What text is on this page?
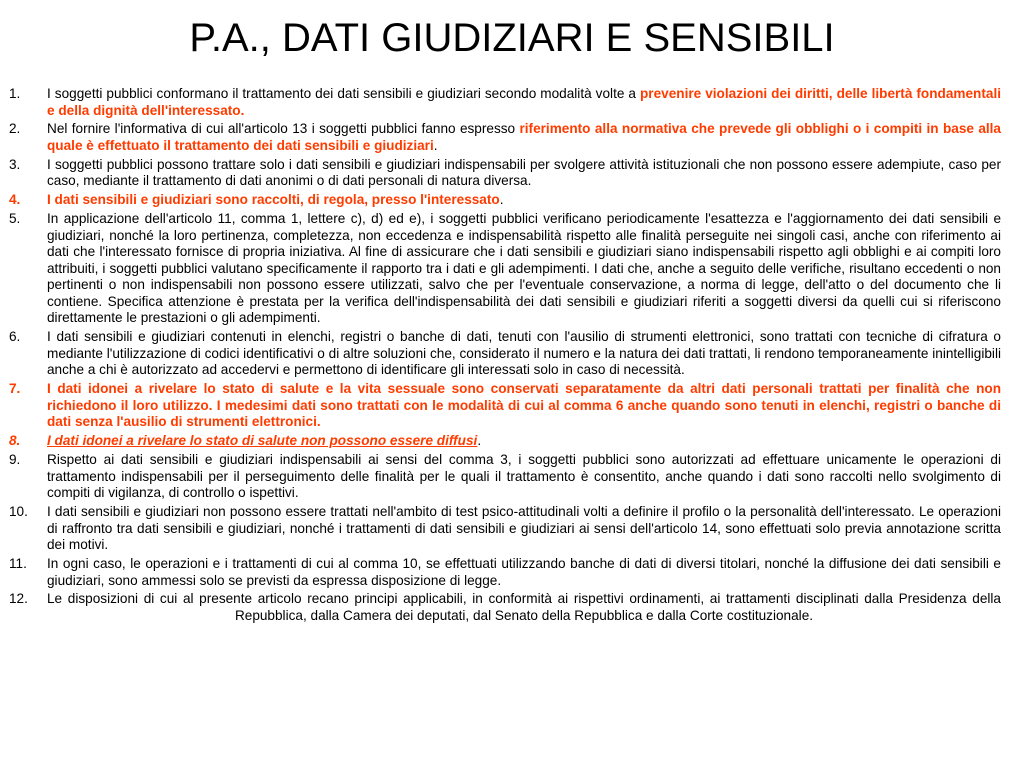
P.A., DATI GIUDIZIARI E SENSIBILI
1.	I soggetti pubblici conformano il trattamento dei dati sensibili e giudiziari secondo modalità volte a prevenire violazioni dei diritti, delle libertà fondamentali e della dignità dell'interessato.
2.	Nel fornire l'informativa di cui all'articolo 13 i soggetti pubblici fanno espresso riferimento alla normativa che prevede gli obblighi o i compiti in base alla quale è effettuato il trattamento dei dati sensibili e giudiziari.
3.	I soggetti pubblici possono trattare solo i dati sensibili e giudiziari indispensabili per svolgere attività istituzionali che non possono essere adempiute, caso per caso, mediante il trattamento di dati anonimi o di dati personali di natura diversa.
4.	I dati sensibili e giudiziari sono raccolti, di regola, presso l'interessato.
5.	In applicazione dell'articolo 11, comma 1, lettere c), d) ed e), i soggetti pubblici verificano periodicamente l'esattezza e l'aggiornamento dei dati sensibili e giudiziari, nonché la loro pertinenza, completezza, non eccedenza e indispensabilità rispetto alle finalità perseguite nei singoli casi, anche con riferimento ai dati che l'interessato fornisce di propria iniziativa. Al fine di assicurare che i dati sensibili e giudiziari siano indispensabili rispetto agli obblighi e ai compiti loro attribuiti, i soggetti pubblici valutano specificamente il rapporto tra i dati e gli adempimenti. I dati che, anche a seguito delle verifiche, risultano eccedenti o non pertinenti o non indispensabili non possono essere utilizzati, salvo che per l'eventuale conservazione, a norma di legge, dell'atto o del documento che li contiene. Specifica attenzione è prestata per la verifica dell'indispensabilità dei dati sensibili e giudiziari riferiti a soggetti diversi da quelli cui si riferiscono direttamente le prestazioni o gli adempimenti.
6.	I dati sensibili e giudiziari contenuti in elenchi, registri o banche di dati, tenuti con l'ausilio di strumenti elettronici, sono trattati con tecniche di cifratura o mediante l'utilizzazione di codici identificativi o di altre soluzioni che, considerato il numero e la natura dei dati trattati, li rendono temporaneamente inintelligibili anche a chi è autorizzato ad accedervi e permettono di identificare gli interessati solo in caso di necessità.
7.	I dati idonei a rivelare lo stato di salute e la vita sessuale sono conservati separatamente da altri dati personali trattati per finalità che non richiedono il loro utilizzo. I medesimi dati sono trattati con le modalità di cui al comma 6 anche quando sono tenuti in elenchi, registri o banche di dati senza l'ausilio di strumenti elettronici.
8.	I dati idonei a rivelare lo stato di salute non possono essere diffusi.
9.	Rispetto ai dati sensibili e giudiziari indispensabili ai sensi del comma 3, i soggetti pubblici sono autorizzati ad effettuare unicamente le operazioni di trattamento indispensabili per il perseguimento delle finalità per le quali il trattamento è consentito, anche quando i dati sono raccolti nello svolgimento di compiti di vigilanza, di controllo o ispettivi.
10.	I dati sensibili e giudiziari non possono essere trattati nell'ambito di test psico-attitudinali volti a definire il profilo o la personalità dell'interessato. Le operazioni di raffronto tra dati sensibili e giudiziari, nonché i trattamenti di dati sensibili e giudiziari ai sensi dell'articolo 14, sono effettuati solo previa annotazione scritta dei motivi.
11.	In ogni caso, le operazioni e i trattamenti di cui al comma 10, se effettuati utilizzando banche di dati di diversi titolari, nonché la diffusione dei dati sensibili e giudiziari, sono ammessi solo se previsti da espressa disposizione di legge.
12.	Le disposizioni di cui al presente articolo recano principi applicabili, in conformità ai rispettivi ordinamenti, ai trattamenti disciplinati dalla Presidenza della Repubblica, dalla Camera dei deputati, dal Senato della Repubblica e dalla Corte costituzionale.
